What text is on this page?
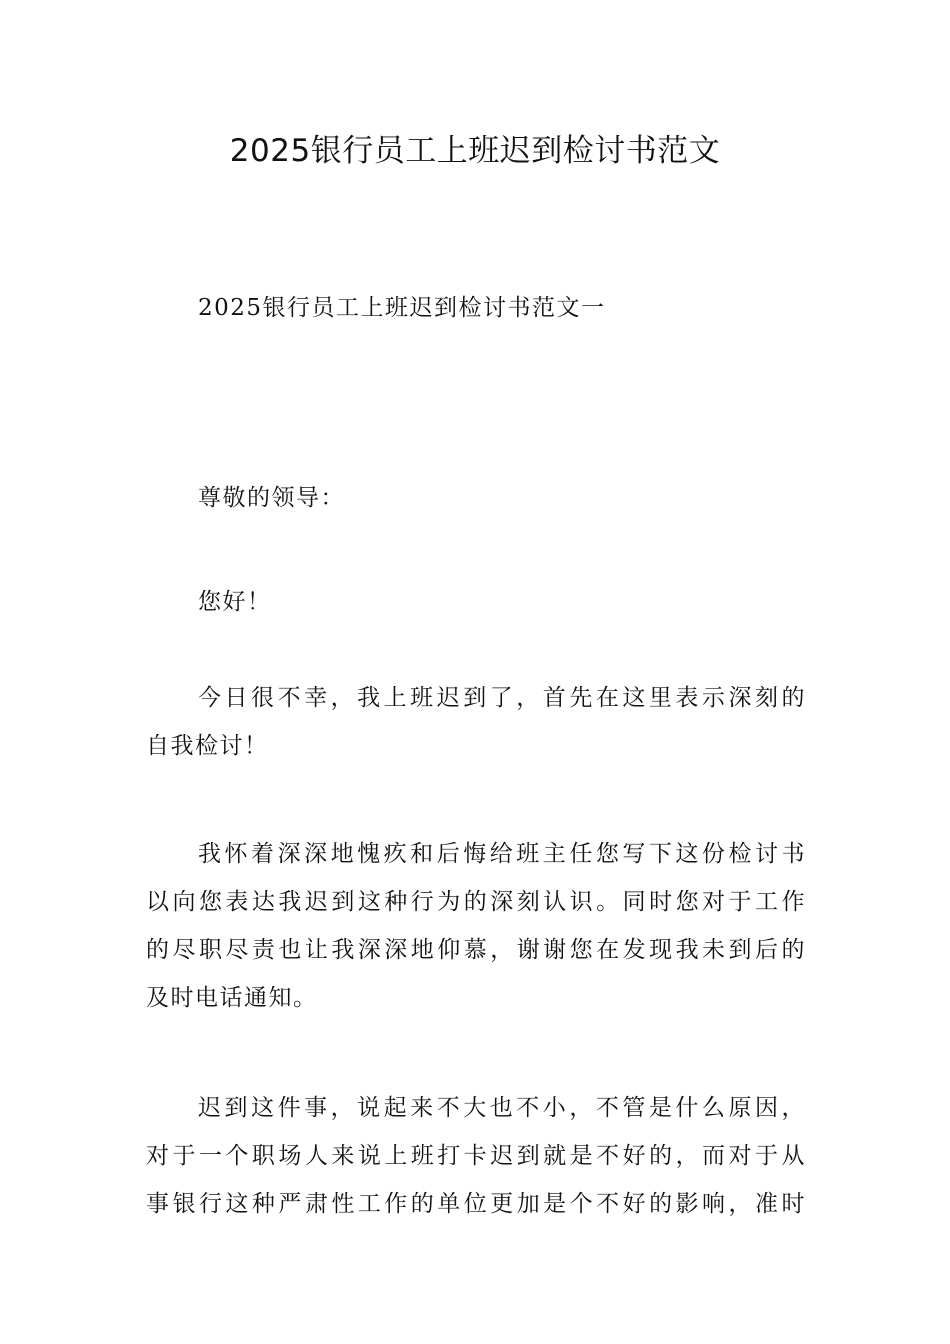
2025银行员工上班迟到检讨书范文

2025银行员工上班迟到检讨书范文一

尊敬的领导：

您好！

今日很不幸，我上班迟到了，首先在这里表示深刻的
自我检讨！
我怀着深深地愧疚和后悔给班主任您写下这份检讨书
以向您表达我迟到这种行为的深刻认识。同时您对于工作
的尽职尽责也让我深深地仰慕，谢谢您在发现我未到后的
及时电话通知。
迟到这件事，说起来不大也不小，不管是什么原因，
对于一个职场人来说上班打卡迟到就是不好的，而对于从
事银行这种严肃性工作的单位更加是个不好的影响，准时
